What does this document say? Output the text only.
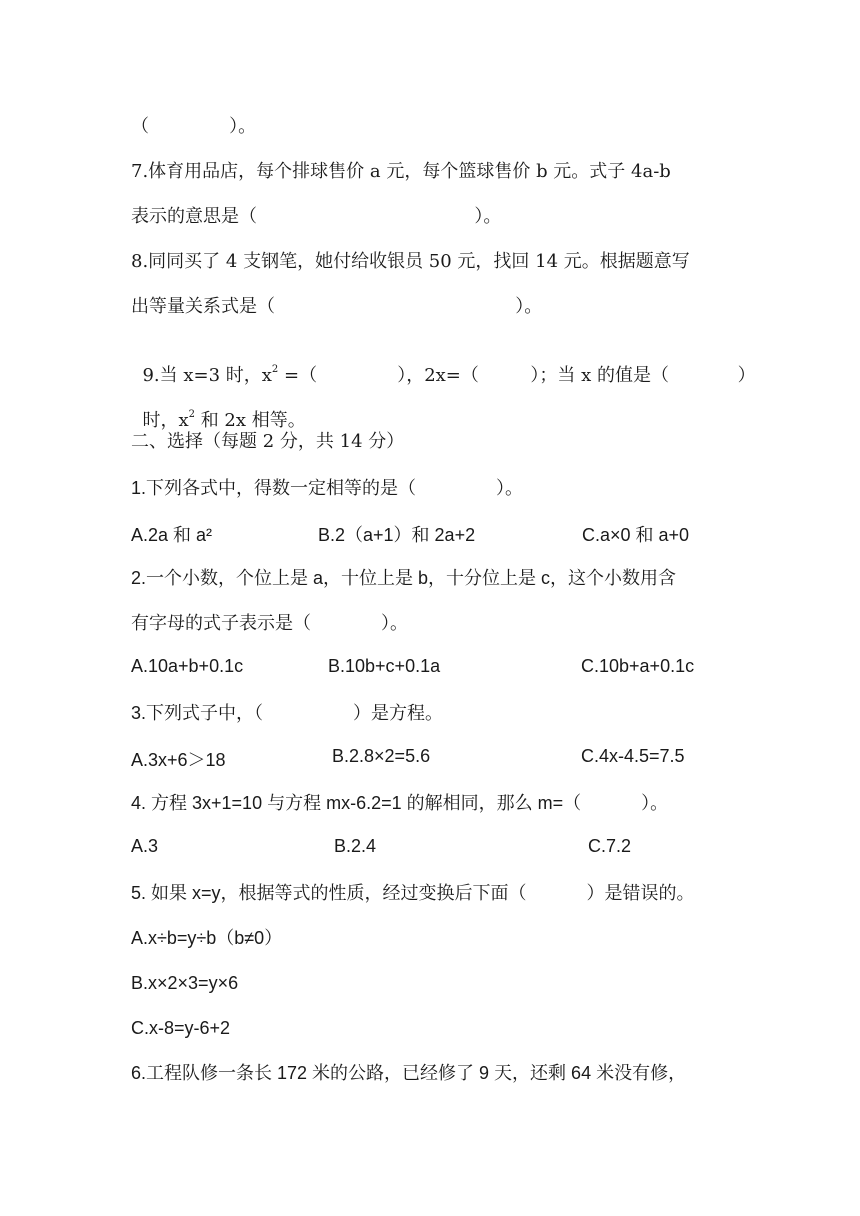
（              ）。
7.体育用品店，每个排球售价 a 元，每个篮球售价 b 元。式子 4a-b
表示的意思是（                                      ）。
8.同同买了 4 支钢笔，她付给收银员 50 元，找回 14 元。根据题意写
出等量关系式是（                                          ）。

9.当 x=3 时，$x^2$ =（              ），2x=（         ）；当 x 的值是（            ）

时，$x^2$ 和 2x 相等。

二、选择（每题 2 分，共 14 分）
1.下列各式中，得数一定相等的是（                ）。
A.2a 和 a²	B.2（a+1）和 2a+2	C.a×0 和 a+0
2.一个小数，个位上是 a，十位上是 b，十分位上是 c，这个小数用含
有字母的式子表示是（              ）。
A.10a+b+0.1c	B.10b+c+0.1a	C.10b+a+0.1c
3.下列式子中，（                  ）是方程。
A.3x+6＞18	B.2.8×2=5.6	C.4x-4.5=7.5
4. 方程 3x+1=10 与方程 mx-6.2=1 的解相同，那么 m=（            ）。
A.3	B.2.4	C.7.2
5. 如果 x=y，根据等式的性质，经过变换后下面（            ）是错误的。
A.x÷b=y÷b（b≠0）
B.x×2×3=y×6
C.x-8=y-6+2
6.工程队修一条长 172 米的公路，已经修了 9 天，还剩 64 米没有修，
